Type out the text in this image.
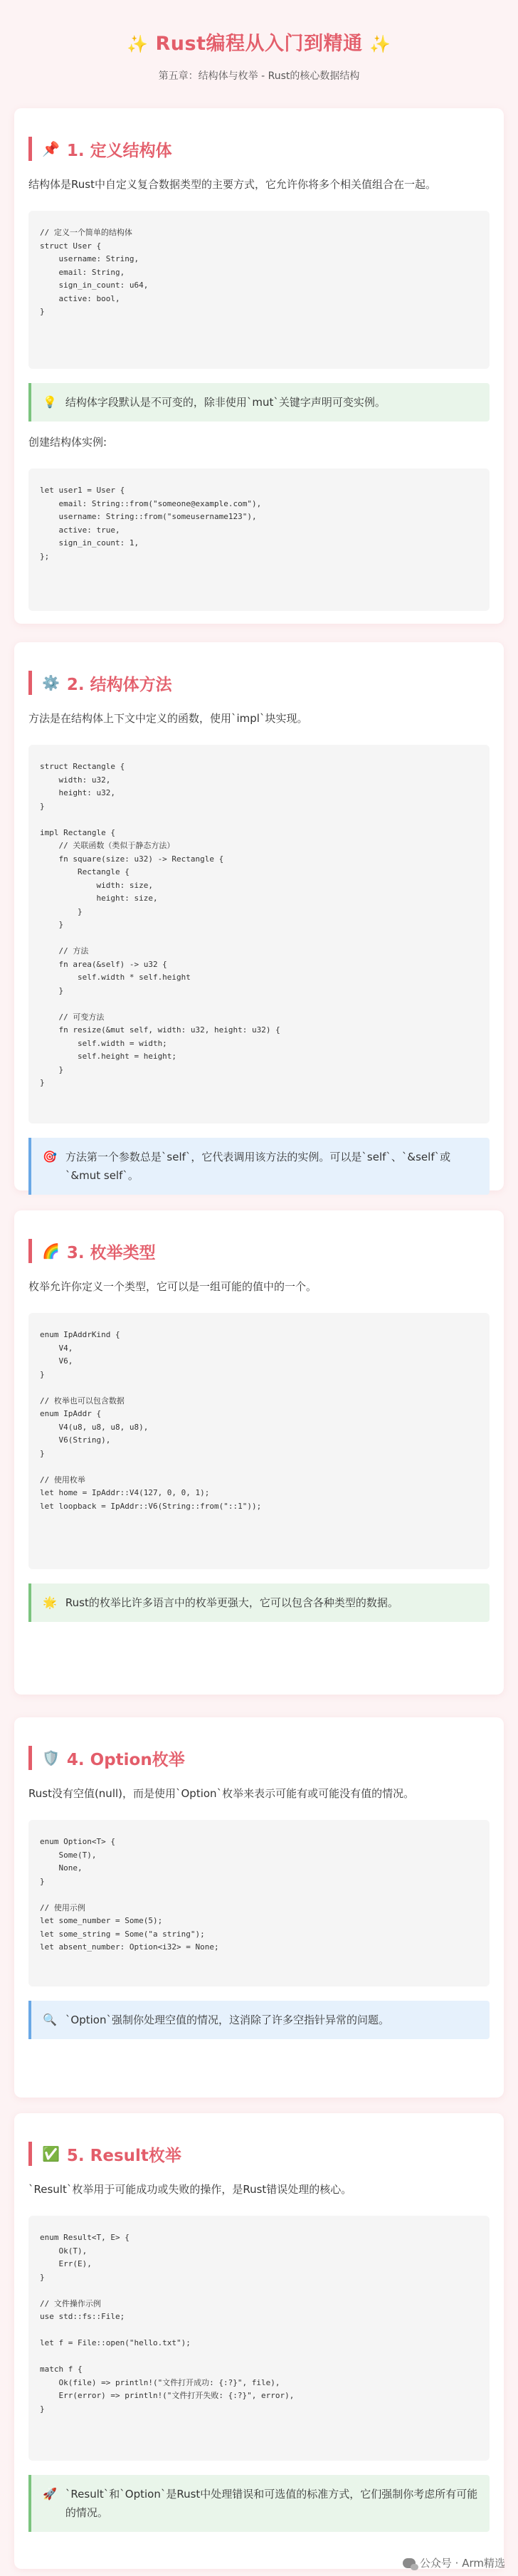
✨ Rust编程从入门到精通 ✨
第五章：结构体与枚举 - Rust的核心数据结构
📌 1. 定义结构体
结构体是Rust中自定义复合数据类型的主要方式，它允许你将多个相关值组合在一起。
// 定义一个简单的结构体
struct User {
username: String,
email: String,
sign_in_count: u64,
active: bool,
}
💡 结构体字段默认是不可变的，除非使用`mut`关键字声明可变实例。
创建结构体实例:
let user1 = User {
email: String::from("someone@example.com"),
username: String::from("someusername123"),
active: true,
sign_in_count: 1,
};
⚙️ 2. 结构体方法
方法是在结构体上下文中定义的函数，使用`impl`块实现。
struct Rectangle {
width: u32,
height: u32,
}

impl Rectangle {
// 关联函数（类似于静态方法）
fn square(size: u32) -> Rectangle {
Rectangle {
width: size,
height: size,
}
}

// 方法
fn area(&self) -> u32 {
self.width * self.height
}

// 可变方法
fn resize(&mut self, width: u32, height: u32) {
self.width = width;
self.height = height;
}
}
🎯 方法第一个参数总是`self`，它代表调用该方法的实例。可以是`self`、`&self`或`&mut self`。
🌈 3. 枚举类型
枚举允许你定义一个类型，它可以是一组可能的值中的一个。
enum IpAddrKind {
V4,
V6,
}

// 枚举也可以包含数据
enum IpAddr {
V4(u8, u8, u8, u8),
V6(String),
}

// 使用枚举
let home = IpAddr::V4(127, 0, 0, 1);
let loopback = IpAddr::V6(String::from("::1"));
🌟 Rust的枚举比许多语言中的枚举更强大，它可以包含各种类型的数据。
🛡️ 4. Option枚举
Rust没有空值(null)，而是使用`Option`枚举来表示可能有或可能没有值的情况。
enum Option<T> {
Some(T),
None,
}

// 使用示例
let some_number = Some(5);
let some_string = Some("a string");
let absent_number: Option<i32> = None;
🔍 `Option`强制你处理空值的情况，这消除了许多空指针异常的问题。
✅ 5. Result枚举
`Result`枚举用于可能成功或失败的操作，是Rust错误处理的核心。
enum Result<T, E> {
Ok(T),
Err(E),
}

// 文件操作示例
use std::fs::File;

let f = File::open("hello.txt");

match f {
Ok(file) => println!("文件打开成功: {:?}", file),
Err(error) => println!("文件打开失败: {:?}", error),
}
🚀 `Result`和`Option`是Rust中处理错误和可选值的标准方式，它们强制你考虑所有可能的情况。
公众号 · Arm精选
